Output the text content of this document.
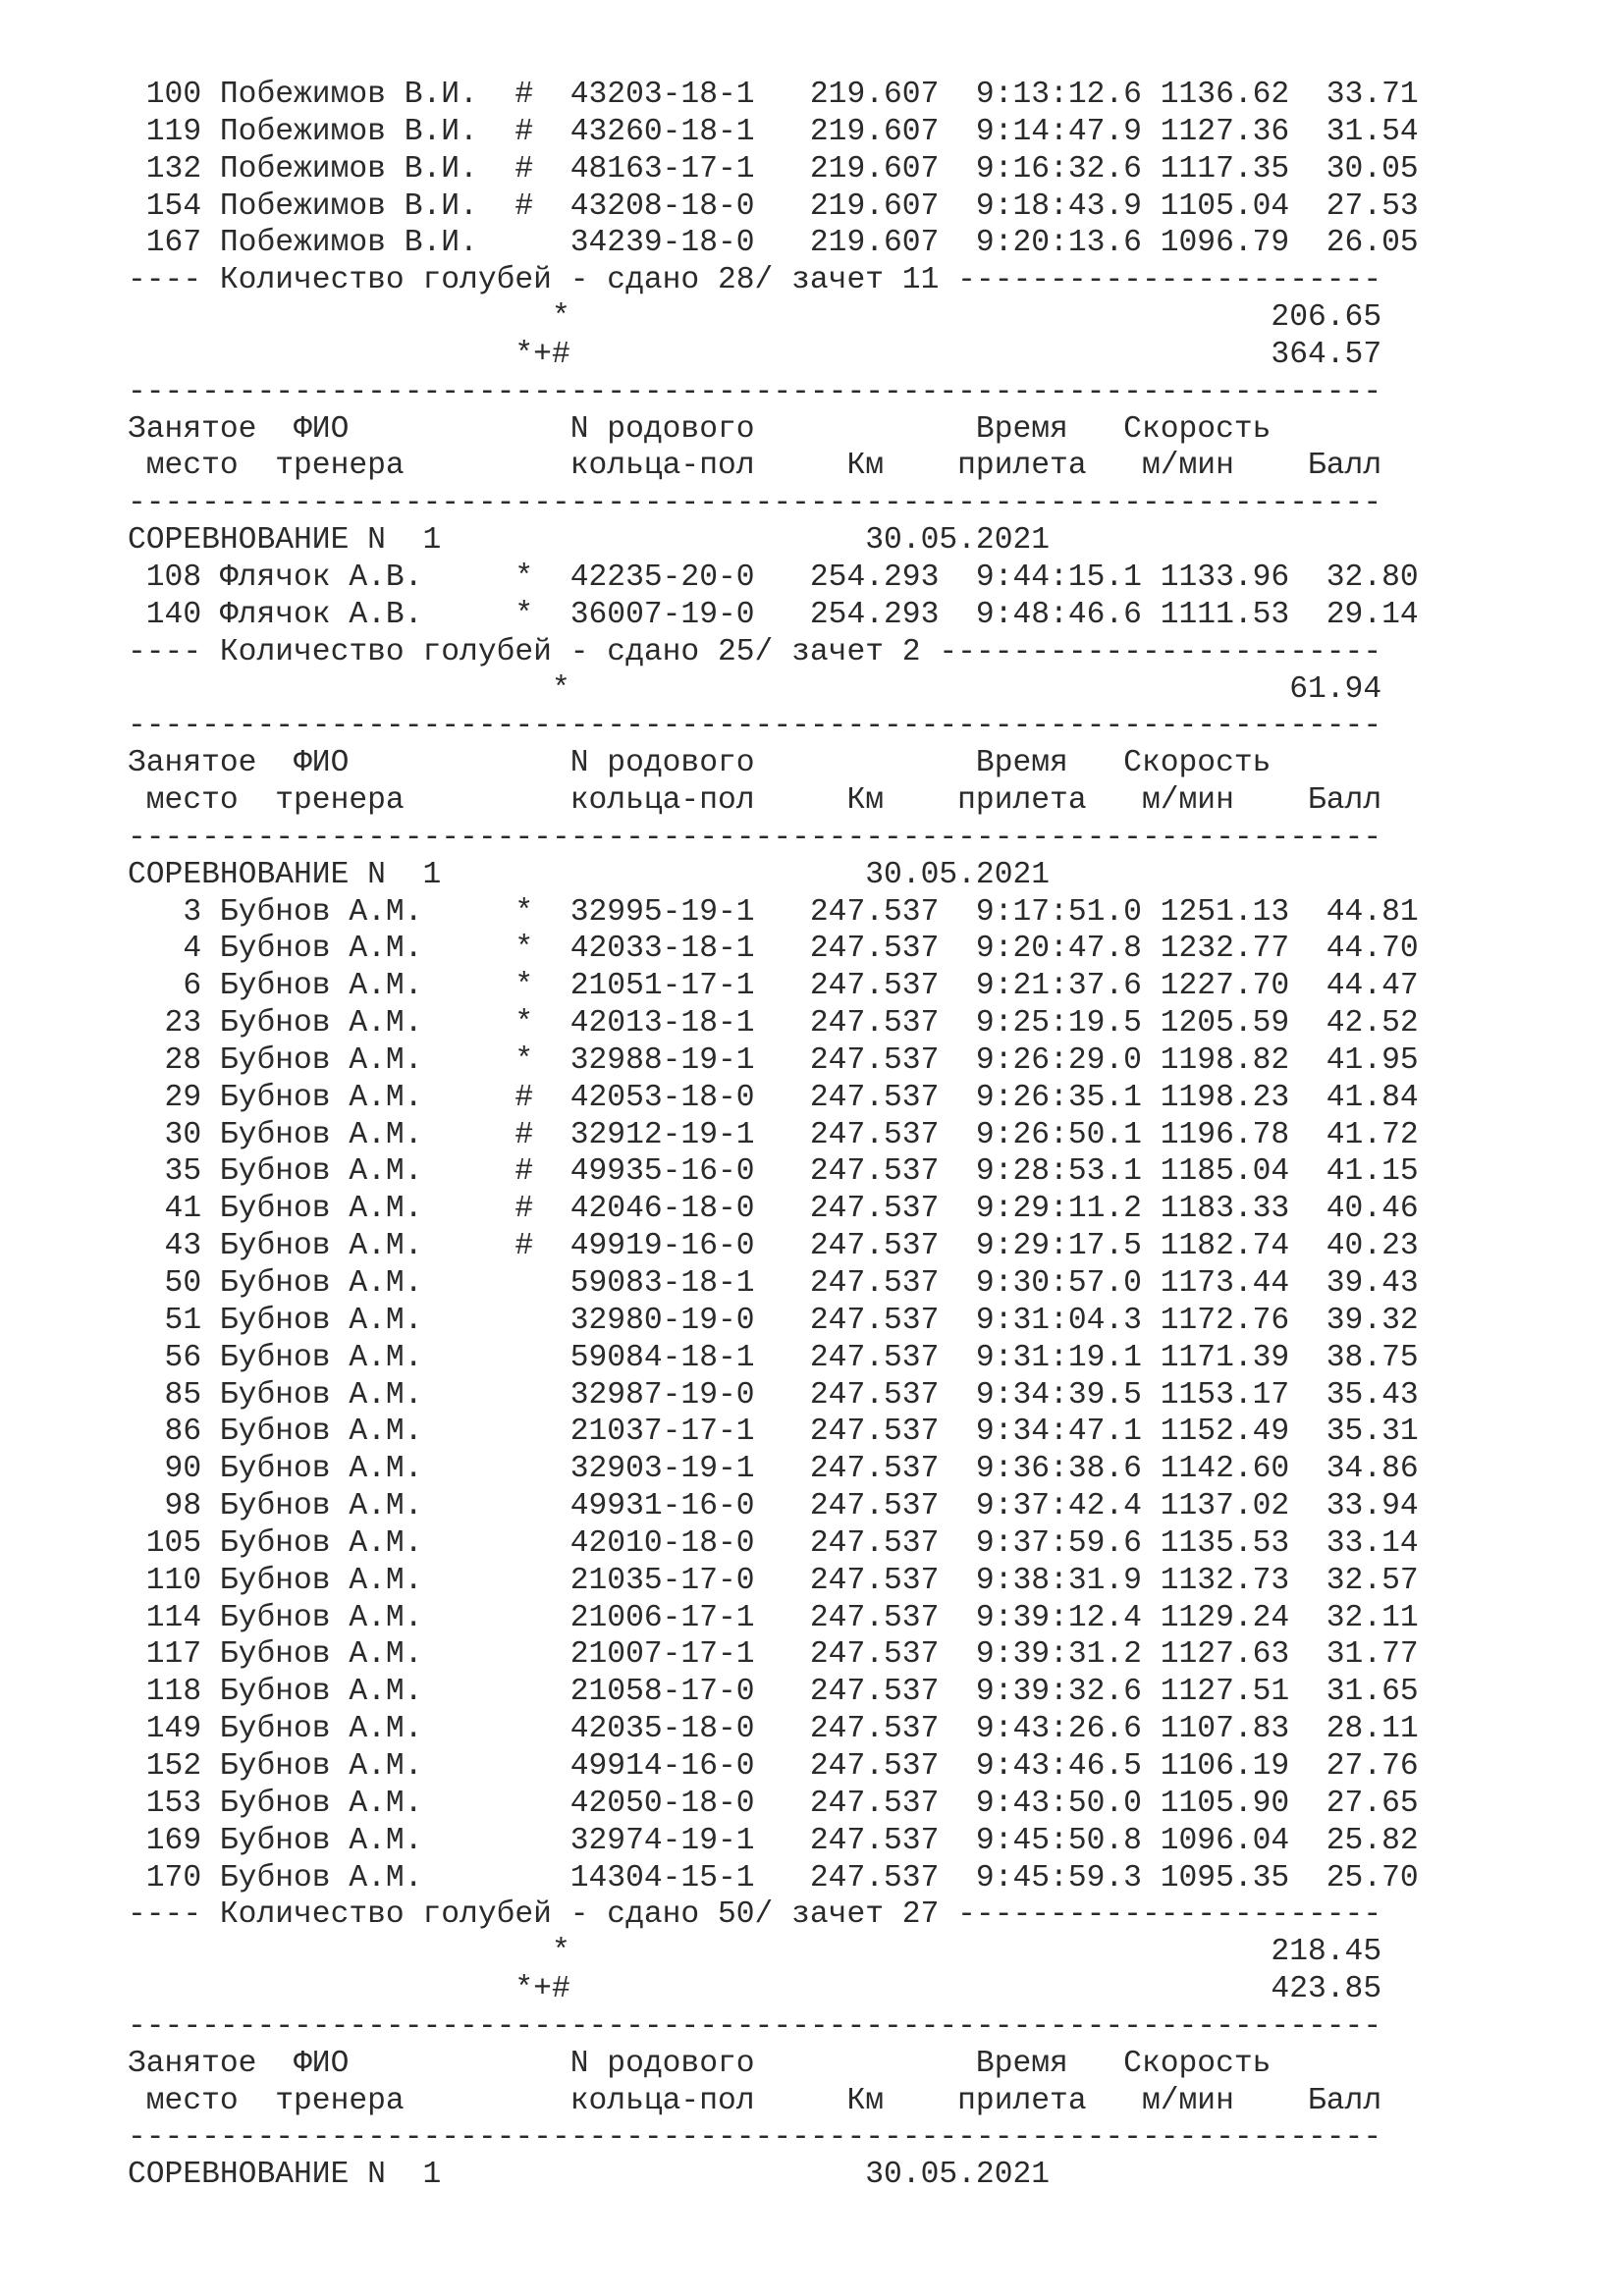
100 Побежимов В.И.  #  43203-18-1   219.607  9:13:12.6 1136.62  33.71
119 Побежимов В.И.  #  43260-18-1   219.607  9:14:47.9 1127.36  31.54
132 Побежимов В.И.  #  48163-17-1   219.607  9:16:32.6 1117.35  30.05
154 Побежимов В.И.  #  43208-18-0   219.607  9:18:43.9 1105.04  27.53
167 Побежимов В.И.     34239-18-0   219.607  9:20:13.6 1096.79  26.05
---- Количество голубей - сдано 28/ зачет 11 -----------------------
*                                      206.65
*+#                                      364.57
--------------------------------------------------------------------
Занятое  ФИО            N родового            Время   Скорость
место  тренера         кольца-пол     Км    прилета   м/мин    Балл
--------------------------------------------------------------------
СОРЕВНОВАНИЕ N  1                       30.05.2021
108 Флячок А.В.     *  42235-20-0   254.293  9:44:15.1 1133.96  32.80
140 Флячок А.В.     *  36007-19-0   254.293  9:48:46.6 1111.53  29.14
---- Количество голубей - сдано 25/ зачет 2 ------------------------
*                                       61.94
--------------------------------------------------------------------
Занятое  ФИО            N родового            Время   Скорость
место  тренера         кольца-пол     Км    прилета   м/мин    Балл
--------------------------------------------------------------------
СОРЕВНОВАНИЕ N  1                       30.05.2021
3 Бубнов А.М.     *  32995-19-1   247.537  9:17:51.0 1251.13  44.81
4 Бубнов А.М.     *  42033-18-1   247.537  9:20:47.8 1232.77  44.70
6 Бубнов А.М.     *  21051-17-1   247.537  9:21:37.6 1227.70  44.47
23 Бубнов А.М.     *  42013-18-1   247.537  9:25:19.5 1205.59  42.52
28 Бубнов А.М.     *  32988-19-1   247.537  9:26:29.0 1198.82  41.95
29 Бубнов А.М.     #  42053-18-0   247.537  9:26:35.1 1198.23  41.84
30 Бубнов А.М.     #  32912-19-1   247.537  9:26:50.1 1196.78  41.72
35 Бубнов А.М.     #  49935-16-0   247.537  9:28:53.1 1185.04  41.15
41 Бубнов А.М.     #  42046-18-0   247.537  9:29:11.2 1183.33  40.46
43 Бубнов А.М.     #  49919-16-0   247.537  9:29:17.5 1182.74  40.23
50 Бубнов А.М.        59083-18-1   247.537  9:30:57.0 1173.44  39.43
51 Бубнов А.М.        32980-19-0   247.537  9:31:04.3 1172.76  39.32
56 Бубнов А.М.        59084-18-1   247.537  9:31:19.1 1171.39  38.75
85 Бубнов А.М.        32987-19-0   247.537  9:34:39.5 1153.17  35.43
86 Бубнов А.М.        21037-17-1   247.537  9:34:47.1 1152.49  35.31
90 Бубнов А.М.        32903-19-1   247.537  9:36:38.6 1142.60  34.86
98 Бубнов А.М.        49931-16-0   247.537  9:37:42.4 1137.02  33.94
105 Бубнов А.М.        42010-18-0   247.537  9:37:59.6 1135.53  33.14
110 Бубнов А.М.        21035-17-0   247.537  9:38:31.9 1132.73  32.57
114 Бубнов А.М.        21006-17-1   247.537  9:39:12.4 1129.24  32.11
117 Бубнов А.М.        21007-17-1   247.537  9:39:31.2 1127.63  31.77
118 Бубнов А.М.        21058-17-0   247.537  9:39:32.6 1127.51  31.65
149 Бубнов А.М.        42035-18-0   247.537  9:43:26.6 1107.83  28.11
152 Бубнов А.М.        49914-16-0   247.537  9:43:46.5 1106.19  27.76
153 Бубнов А.М.        42050-18-0   247.537  9:43:50.0 1105.90  27.65
169 Бубнов А.М.        32974-19-1   247.537  9:45:50.8 1096.04  25.82
170 Бубнов А.М.        14304-15-1   247.537  9:45:59.3 1095.35  25.70
---- Количество голубей - сдано 50/ зачет 27 -----------------------
*                                      218.45
*+#                                      423.85
--------------------------------------------------------------------
Занятое  ФИО            N родового            Время   Скорость
место  тренера         кольца-пол     Км    прилета   м/мин    Балл
--------------------------------------------------------------------
СОРЕВНОВАНИЕ N  1                       30.05.2021
